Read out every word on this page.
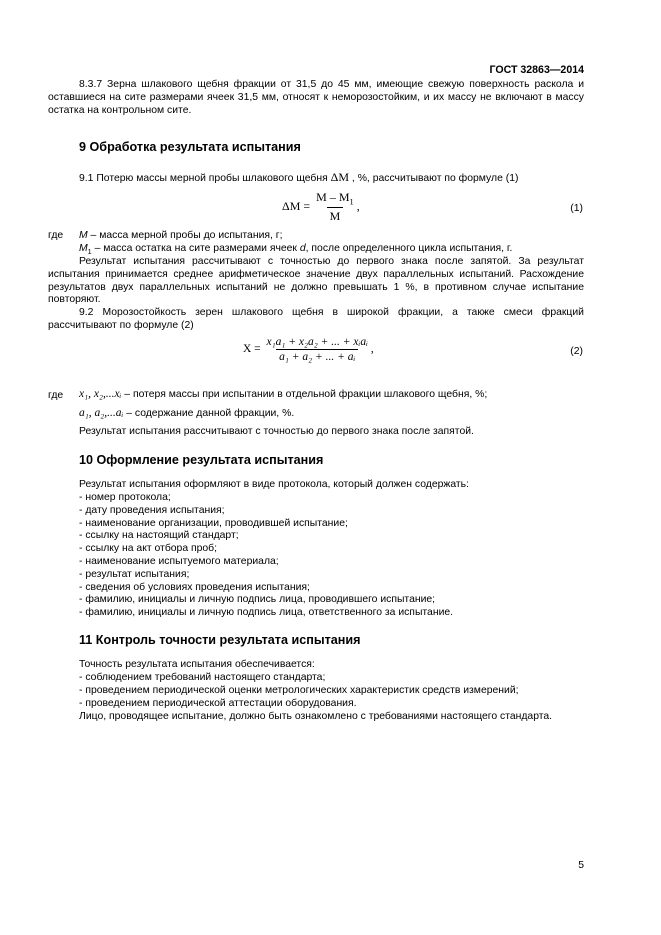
ГОСТ 32863—2014
8.3.7 Зерна шлакового щебня фракции от 31,5 до 45 мм, имеющие свежую поверхность раскола и оставшиеся на сите размерами ячеек 31,5 мм, относят к неморозостойким, и их массу не включают в массу остатка на контрольном сите.
9 Обработка результата испытания
9.1 Потерю массы мерной пробы шлакового щебня ΔM , %, рассчитывают по формуле (1)
$\Delta M = \frac{M - M_1}{M}$ ,	(1)
где M – масса мерной пробы до испытания, г;
$M_1$ – масса остатка на сите размерами ячеек d, после определенного цикла испытания, г.
Результат испытания рассчитывают с точностью до первого знака после запятой. За результат испытания принимается среднее арифметическое значение двух параллельных испытаний. Расхождение результатов двух параллельных испытаний не должно превышать 1 %, в противном случае испытание повторяют.
9.2 Морозостойкость зерен шлакового щебня в широкой фракции, а также смеси фракций рассчитывают по формуле (2)
$X = \frac{\text{x₁a₁ + x₂a₂ + ... + xᵢaᵢ}}{\text{a₁ + a₂ + ... + aᵢ}}$ ,	(2)
где x₁, x₂,...xᵢ – потеря массы при испытании в отдельной фракции шлакового щебня, %;
a₁, a₂,...aᵢ – содержание данной фракции, %.
Результат испытания рассчитывают с точностью до первого знака после запятой.
10 Оформление результата испытания
Результат испытания оформляют в виде протокола, который должен содержать:
- номер протокола;
- дату проведения испытания;
- наименование организации, проводившей испытание;
- ссылку на настоящий стандарт;
- ссылку на акт отбора проб;
- наименование испытуемого материала;
- результат испытания;
- сведения об условиях проведения испытания;
- фамилию, инициалы и личную подпись лица, проводившего испытание;
- фамилию, инициалы и личную подпись лица, ответственного за испытание.
11 Контроль точности результата испытания
Точность результата испытания обеспечивается:
- соблюдением требований настоящего стандарта;
- проведением периодической оценки метрологических характеристик средств измерений;
- проведением периодической аттестации оборудования.
Лицо, проводящее испытание, должно быть ознакомлено с требованиями настоящего стандарта.
5
